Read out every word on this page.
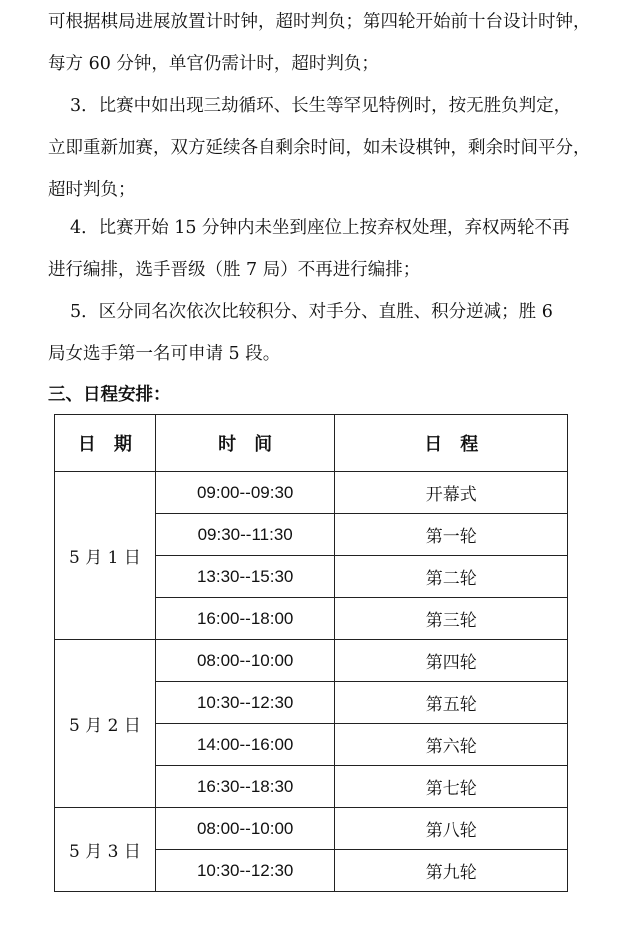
可根据棋局进展放置计时钟，超时判负；第四轮开始前十台设计时钟，
每方 60 分钟，单官仍需计时，超时判负；
3．比赛中如出现三劫循环、长生等罕见特例时，按无胜负判定，
立即重新加赛，双方延续各自剩余时间，如未设棋钟，剩余时间平分，
超时判负；
4．比赛开始 15 分钟内未坐到座位上按弃权处理，弃权两轮不再
进行编排，选手晋级（胜 7 局）不再进行编排；
5．区分同名次依次比较积分、对手分、直胜、积分逆减；胜 6
局女选手第一名可申请 5 段。
三、日程安排：
日　期	时　间	日　程
5 月 1 日	09:00--09:30	开幕式
	09:30--11:30	第一轮
	13:30--15:30	第二轮
	16:00--18:00	第三轮
5 月 2 日	08:00--10:00	第四轮
	10:30--12:30	第五轮
	14:00--16:00	第六轮
	16:30--18:30	第七轮
5 月 3 日	08:00--10:00	第八轮
	10:30--12:30	第九轮
